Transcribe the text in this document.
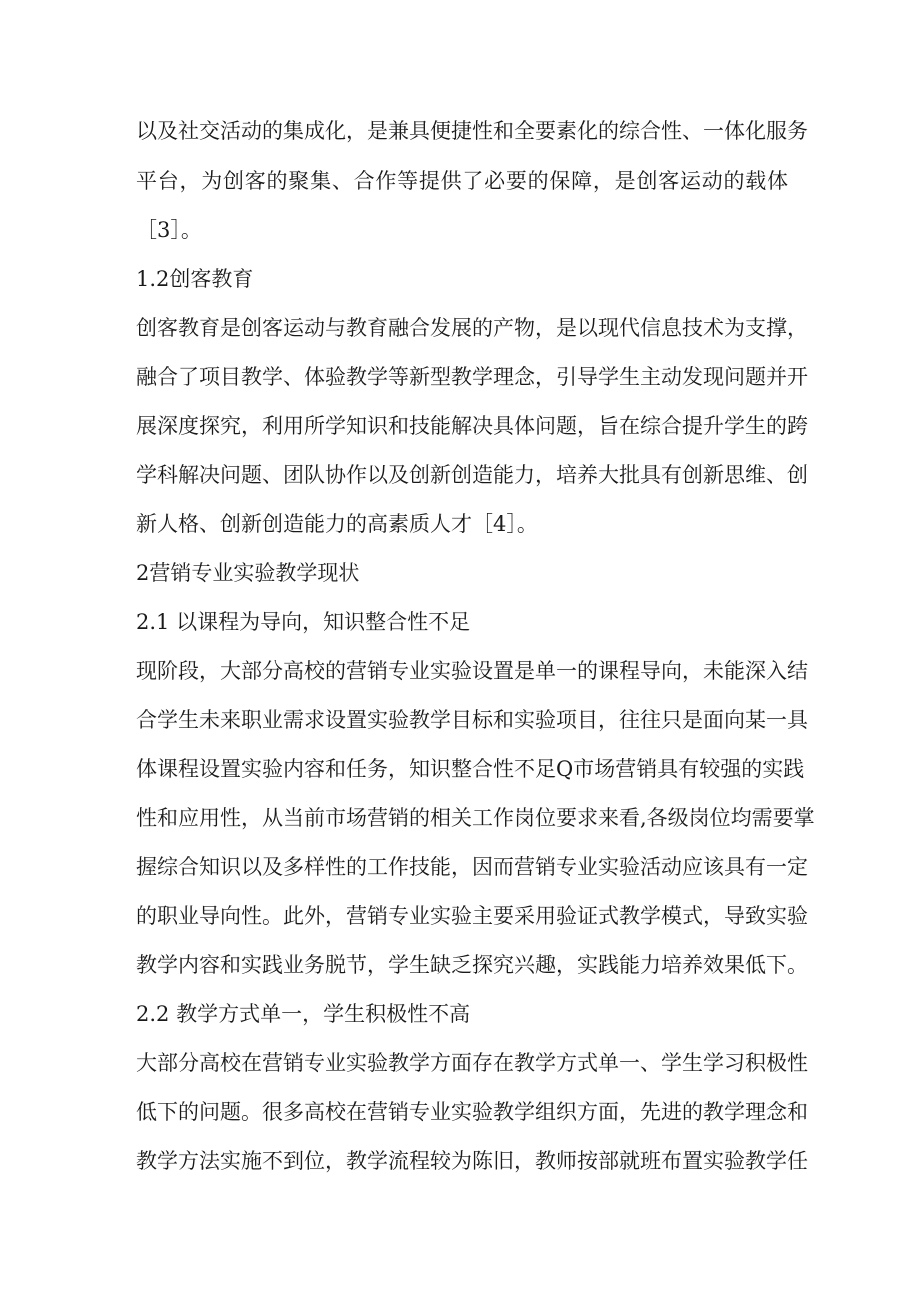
以及社交活动的集成化，是兼具便捷性和全要素化的综合性、一体化服务
平台，为创客的聚集、合作等提供了必要的保障，是创客运动的载体
［3］。
1.2创客教育
创客教育是创客运动与教育融合发展的产物，是以现代信息技术为支撑，
融合了项目教学、体验教学等新型教学理念，引导学生主动发现问题并开
展深度探究，利用所学知识和技能解决具体问题，旨在综合提升学生的跨
学科解决问题、团队协作以及创新创造能力，培养大批具有创新思维、创
新人格、创新创造能力的高素质人才［4］。
2营销专业实验教学现状
2.1 以课程为导向，知识整合性不足
现阶段，大部分高校的营销专业实验设置是单一的课程导向，未能深入结
合学生未来职业需求设置实验教学目标和实验项目，往往只是面向某一具
体课程设置实验内容和任务，知识整合性不足Q市场营销具有较强的实践
性和应用性，从当前市场营销的相关工作岗位要求来看,各级岗位均需要掌
握综合知识以及多样性的工作技能，因而营销专业实验活动应该具有一定
的职业导向性。此外，营销专业实验主要采用验证式教学模式，导致实验
教学内容和实践业务脱节，学生缺乏探究兴趣，实践能力培养效果低下。
2.2 教学方式单一，学生积极性不高
大部分高校在营销专业实验教学方面存在教学方式单一、学生学习积极性
低下的问题。很多高校在营销专业实验教学组织方面，先进的教学理念和
教学方法实施不到位，教学流程较为陈旧，教师按部就班布置实验教学任
